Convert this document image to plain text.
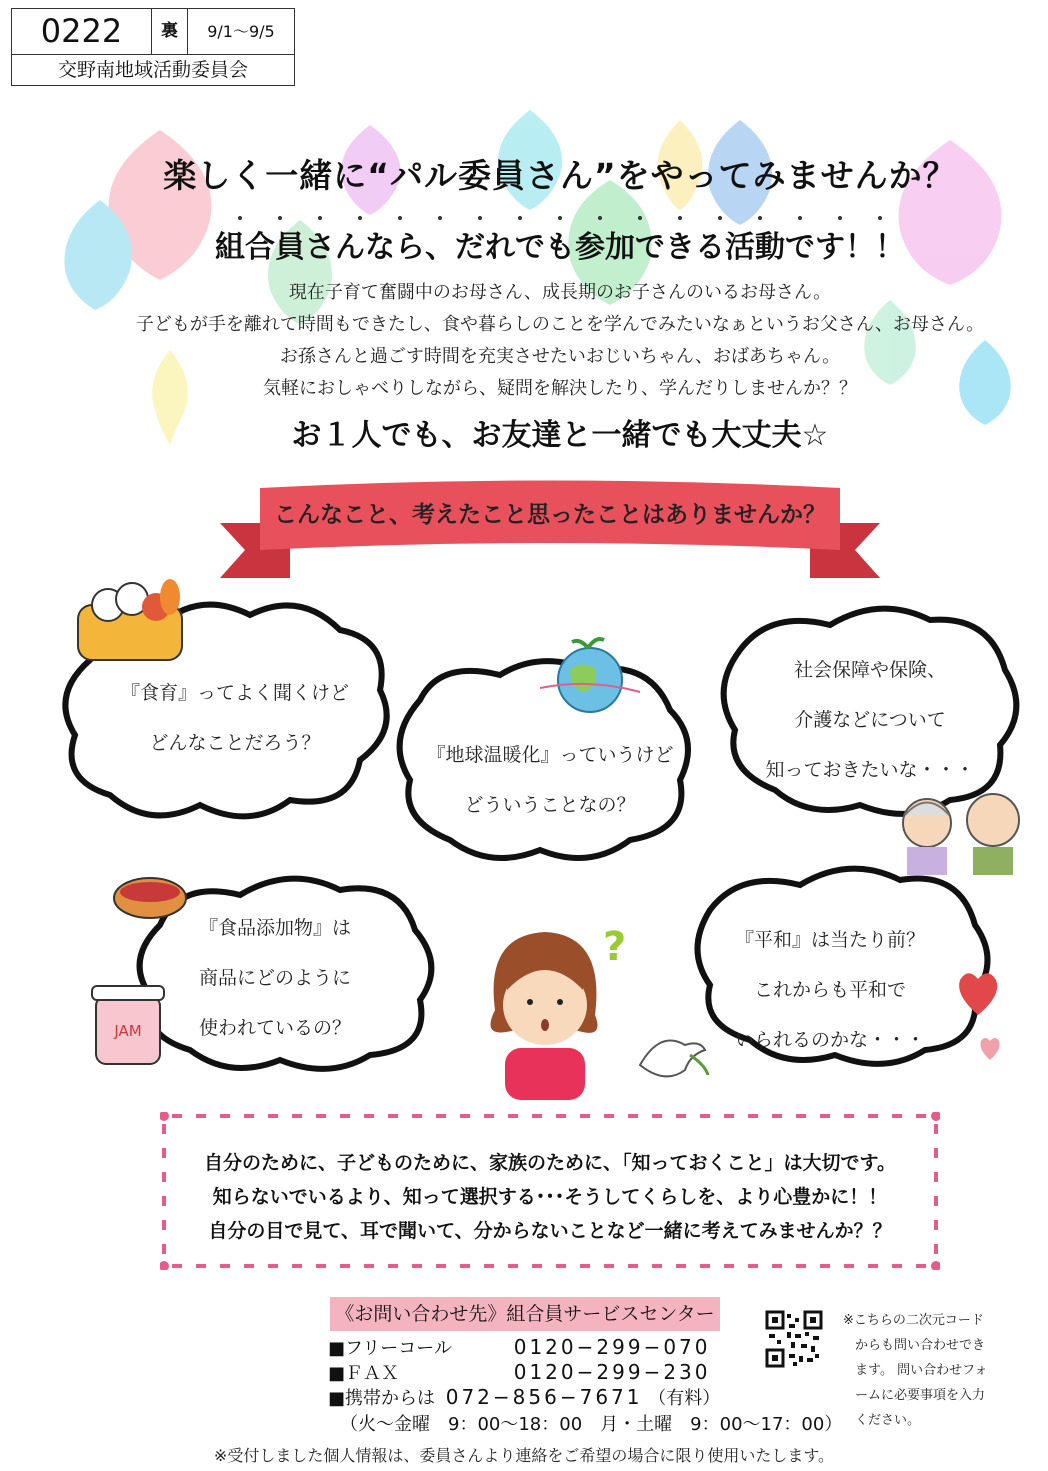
0222	裏	9/1〜9/5
交野南地域活動委員会
楽しく一緒に“パル委員さん”をやってみませんか？
組合員さんなら、だれでも参加できる活動です！！
現在子育て奮闘中のお母さん、成長期のお子さんのいるお母さん。
子どもが手を離れて時間もできたし、食や暮らしのことを学んでみたいなぁというお父さん、お母さん。
お孫さんと過ごす時間を充実させたいおじいちゃん、おばあちゃん。
気軽におしゃべりしながら、疑問を解決したり、学んだりしませんか？？
お１人でも、お友達と一緒でも大丈夫☆
こんなこと、考えたこと思ったことはありませんか？
『食育』ってよく聞くけど
どんなことだろう？
『地球温暖化』っていうけど
どういうことなの？
社会保障や保険、
介護などについて
知っておきたいな・・・
『食品添加物』は
商品にどのように
使われているの？
『平和』は当たり前？
これからも平和で
いられるのかな・・・
JAM
?
自分のために、子どものために、家族のために、「知っておくこと」は大切です。
知らないでいるより、知って選択する･･･そうしてくらしを、より心豊かに！！
自分の目で見て、耳で聞いて、分からないことなど一緒に考えてみませんか？？
《お問い合わせ先》組合員サービスセンター
■フリーコール	0120−299−070
■ＦＡＸ	0120−299−230
■携帯からは 072−856−7671 （有料）
（火〜金曜　9：00〜18：00　月・土曜　9：00〜17：00）
※こちらの二次元コード
からも問い合わせでき
ます。 問い合わせフォ
ームに必要事項を入力
ください。
※受付しました個人情報は、委員さんより連絡をご希望の場合に限り使用いたします。
